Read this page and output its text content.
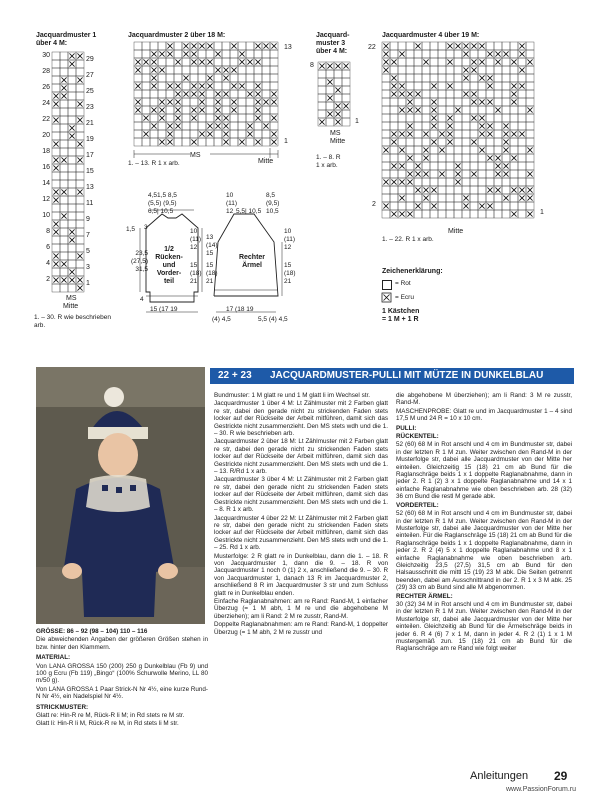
Jacquardmuster 1
über 4 M:
30
28
26
24
22
20
18
16
14
12
10
8
6
4
2
29
27
25
23
21
19
17
15
13
11
9
7
5
3
1
MS
Mitte
1. – 30. R wie beschrieben arb.
Jacquardmuster 2 über 18 M:
13
1
MS
Mitte
1. – 13. R 1 x arb.
Jacquard-
muster 3
über 4 M:
8
1
MS
Mitte
1. – 8. R
1 x arb.
Jacquardmuster 4 über 19 M:
22
2
1
Mitte
1. – 22. R 1 x arb.
Zeichenerklärung:
= Rot
= Ecru
1 Kästchen
= 1 M + 1 R
4,51,5 8,5
(5,5) (9,5)
6,5| 10,5
1,5 3
1/2
Rücken-
und
Vorder-
teil
23,5
(27,5)
31,5
10
(11)
12
15
(18)
21
4
15 (17 19
10
(11)
12 5,5| 10,5
8,5
(9,5)
10,5
13
(14)
15
15
(18)
21
Rechter
Ärmel
10
(11)
12
15
(18)
21
17 (18 19
(4) 4,5	5,5 (4) 4,5
22 + 23 JACQUARDMUSTER-PULLI MIT MÜTZE IN DUNKELBLAU

GRÖSSE: 86 – 92 (98 – 104) 110 – 116

Die abweichenden Angaben der größeren Größen stehen in bzw. hinter den Klammern.

MATERIAL:

Von LANA GROSSA 150 (200) 250 g Dunkelblau (Fb 9) und 100 g Ecru (Fb 119) „Bingo“ (100% Schurwolle Merino, LL 80 m/50 g).

Von LANA GROSSA 1 Paar Strick-N Nr 4½, eine kurze Rund-N Nr 4½, ein Nadelspiel Nr 4½.

STRICKMUSTER:

Glatt re: Hin-R re M, Rück-R li M; in Rd stets re M str.

Glatt li: Hin-R li M, Rück-R re M, in Rd stets li M str.

Bundmuster: 1 M glatt re und 1 M glatt li im Wechsel str.

Jacquardmuster 1 über 4 M: Lt Zählmuster mit 2 Farben glatt re str, dabei den gerade nicht zu strickenden Faden stets locker auf der Rückseite der Arbeit mitführen, damit sich das Gestrickte nicht zusammenzieht. Den MS stets wdh und die 1. – 30. R wie beschrieben arb.

Jacquardmuster 2 über 18 M: Lt Zählmuster mit 2 Farben glatt re str, dabei den gerade nicht zu strickenden Faden stets locker auf der Rückseite der Arbeit mitführen, damit sich das Gestrickte nicht zusammenzieht. Den MS stets wdh und die 1. – 13. R/Rd 1 x arb.

Jacquardmuster 3 über 4 M: Lt Zählmuster mit 2 Farben glatt re str, dabei den gerade nicht zu strickenden Faden stets locker auf der Rückseite der Arbeit mitführen, damit sich das Gestrickte nicht zusammenzieht. Den MS stets wdh und die 1. – 8. R 1 x arb.

Jacquardmuster 4 über 22 M: Lt Zählmuster mit 2 Farben glatt re str, dabei den gerade nicht zu strickenden Faden stets locker auf der Rückseite der Arbeit mitführen, damit sich das Gestrickte nicht zusammenzieht. Den MS stets wdh und die 1. – 25. Rd 1 x arb.

Musterfolge: 2 R glatt re in Dunkelblau, dann die 1. – 18. R von Jacquardmuster 1, dann die 9. – 18. R von Jacquardmuster 1 noch 0 (1) 2 x, anschließend die 9. – 30. R von Jacquardmuster 1, danach 13 R im Jacquardmuster 2, anschließend 8 R im Jacquardmuster 3 str und zum Schluss glatt re in Dunkelblau enden.

Einfache Raglanabnahmen: am re Rand: Rand-M, 1 einfacher Überzug (= 1 M abh, 1 M re und die abgehobene M überziehen); am li Rand: 2 M re zusstr, Rand-M.

Doppelte Raglanabnahmen: am re Rand: Rand-M, 1 doppelter Überzug (= 1 M abh, 2 M re zusstr und

die abgehobene M überziehen); am li Rand: 3 M re zusstr, Rand-M.

MASCHENPROBE: Glatt re und im Jacquardmuster 1 – 4 sind 17,5 M und 24 R = 10 x 10 cm.

PULLI:

RÜCKENTEIL:

52 (60) 68 M in Rot anschl und 4 cm im Bundmuster str, dabei in der letzten R 1 M zun. Weiter zwischen den Rand-M in der Musterfolge str, dabei alle Jacquardmuster von der Mitte her einteilen. Gleichzeitig 15 (18) 21 cm ab Bund für die Raglanschräge beids 1 x 1 doppelte Raglanabnahme, dann in jeder 2. R 1 (2) 3 x 1 doppelte Raglanabnahme und 14 x 1 einfache Raglanabnahme wie oben beschrieben arb. 28 (32) 36 cm Bund die restl M gerade abk.

VORDERTEIL:

52 (60) 68 M in Rot anschl und 4 cm im Bundmuster str, dabei in der letzten R 1 M zun. Weiter zwischen den Rand-M in der Musterfolge str, dabei alle Jacquardmuster von der Mitte her einteilen. Für die Raglanschräge 15 (18) 21 cm ab Bund für die Raglanschräge beids 1 x 1 doppelte Raglanabnahme, dann in jeder 2. R 2 (4) 5 x 1 doppelte Raglanabnahme und 8 x 1 einfache Raglanabnahme wie oben beschrieben arb. Gleichzeitig 23,5 (27,5) 31,5 cm ab Bund für den Halsausschnitt die mittl 15 (19) 23 M abk. Die Seiten getrennt beenden, dabei am Ausschnittrand in der 2. R 1 x 3 M abk. 25 (29) 33 cm ab Bund sind alle M abgenommen.

RECHTER ÄRMEL:

30 (32) 34 M in Rot anschl und 4 cm im Bundmuster str, dabei in der letzten R 1 M zun. Weiter zwischen den Rand-M in der Musterfolge str, dabei alle Jacquardmuster von der Mitte her einteilen. Gleichzeitig ab Bund für die Ärmelschräge beids in jeder 6. R 4 (6) 7 x 1 M, dann in jeder 4. R 2 (1) 1 x 1 M mustergemäß zun. 15 (18) 21 cm ab Bund für die Raglanschräge am re Rand wie folgt weiter

Anleitungen 29
www.PassionForum.ru
